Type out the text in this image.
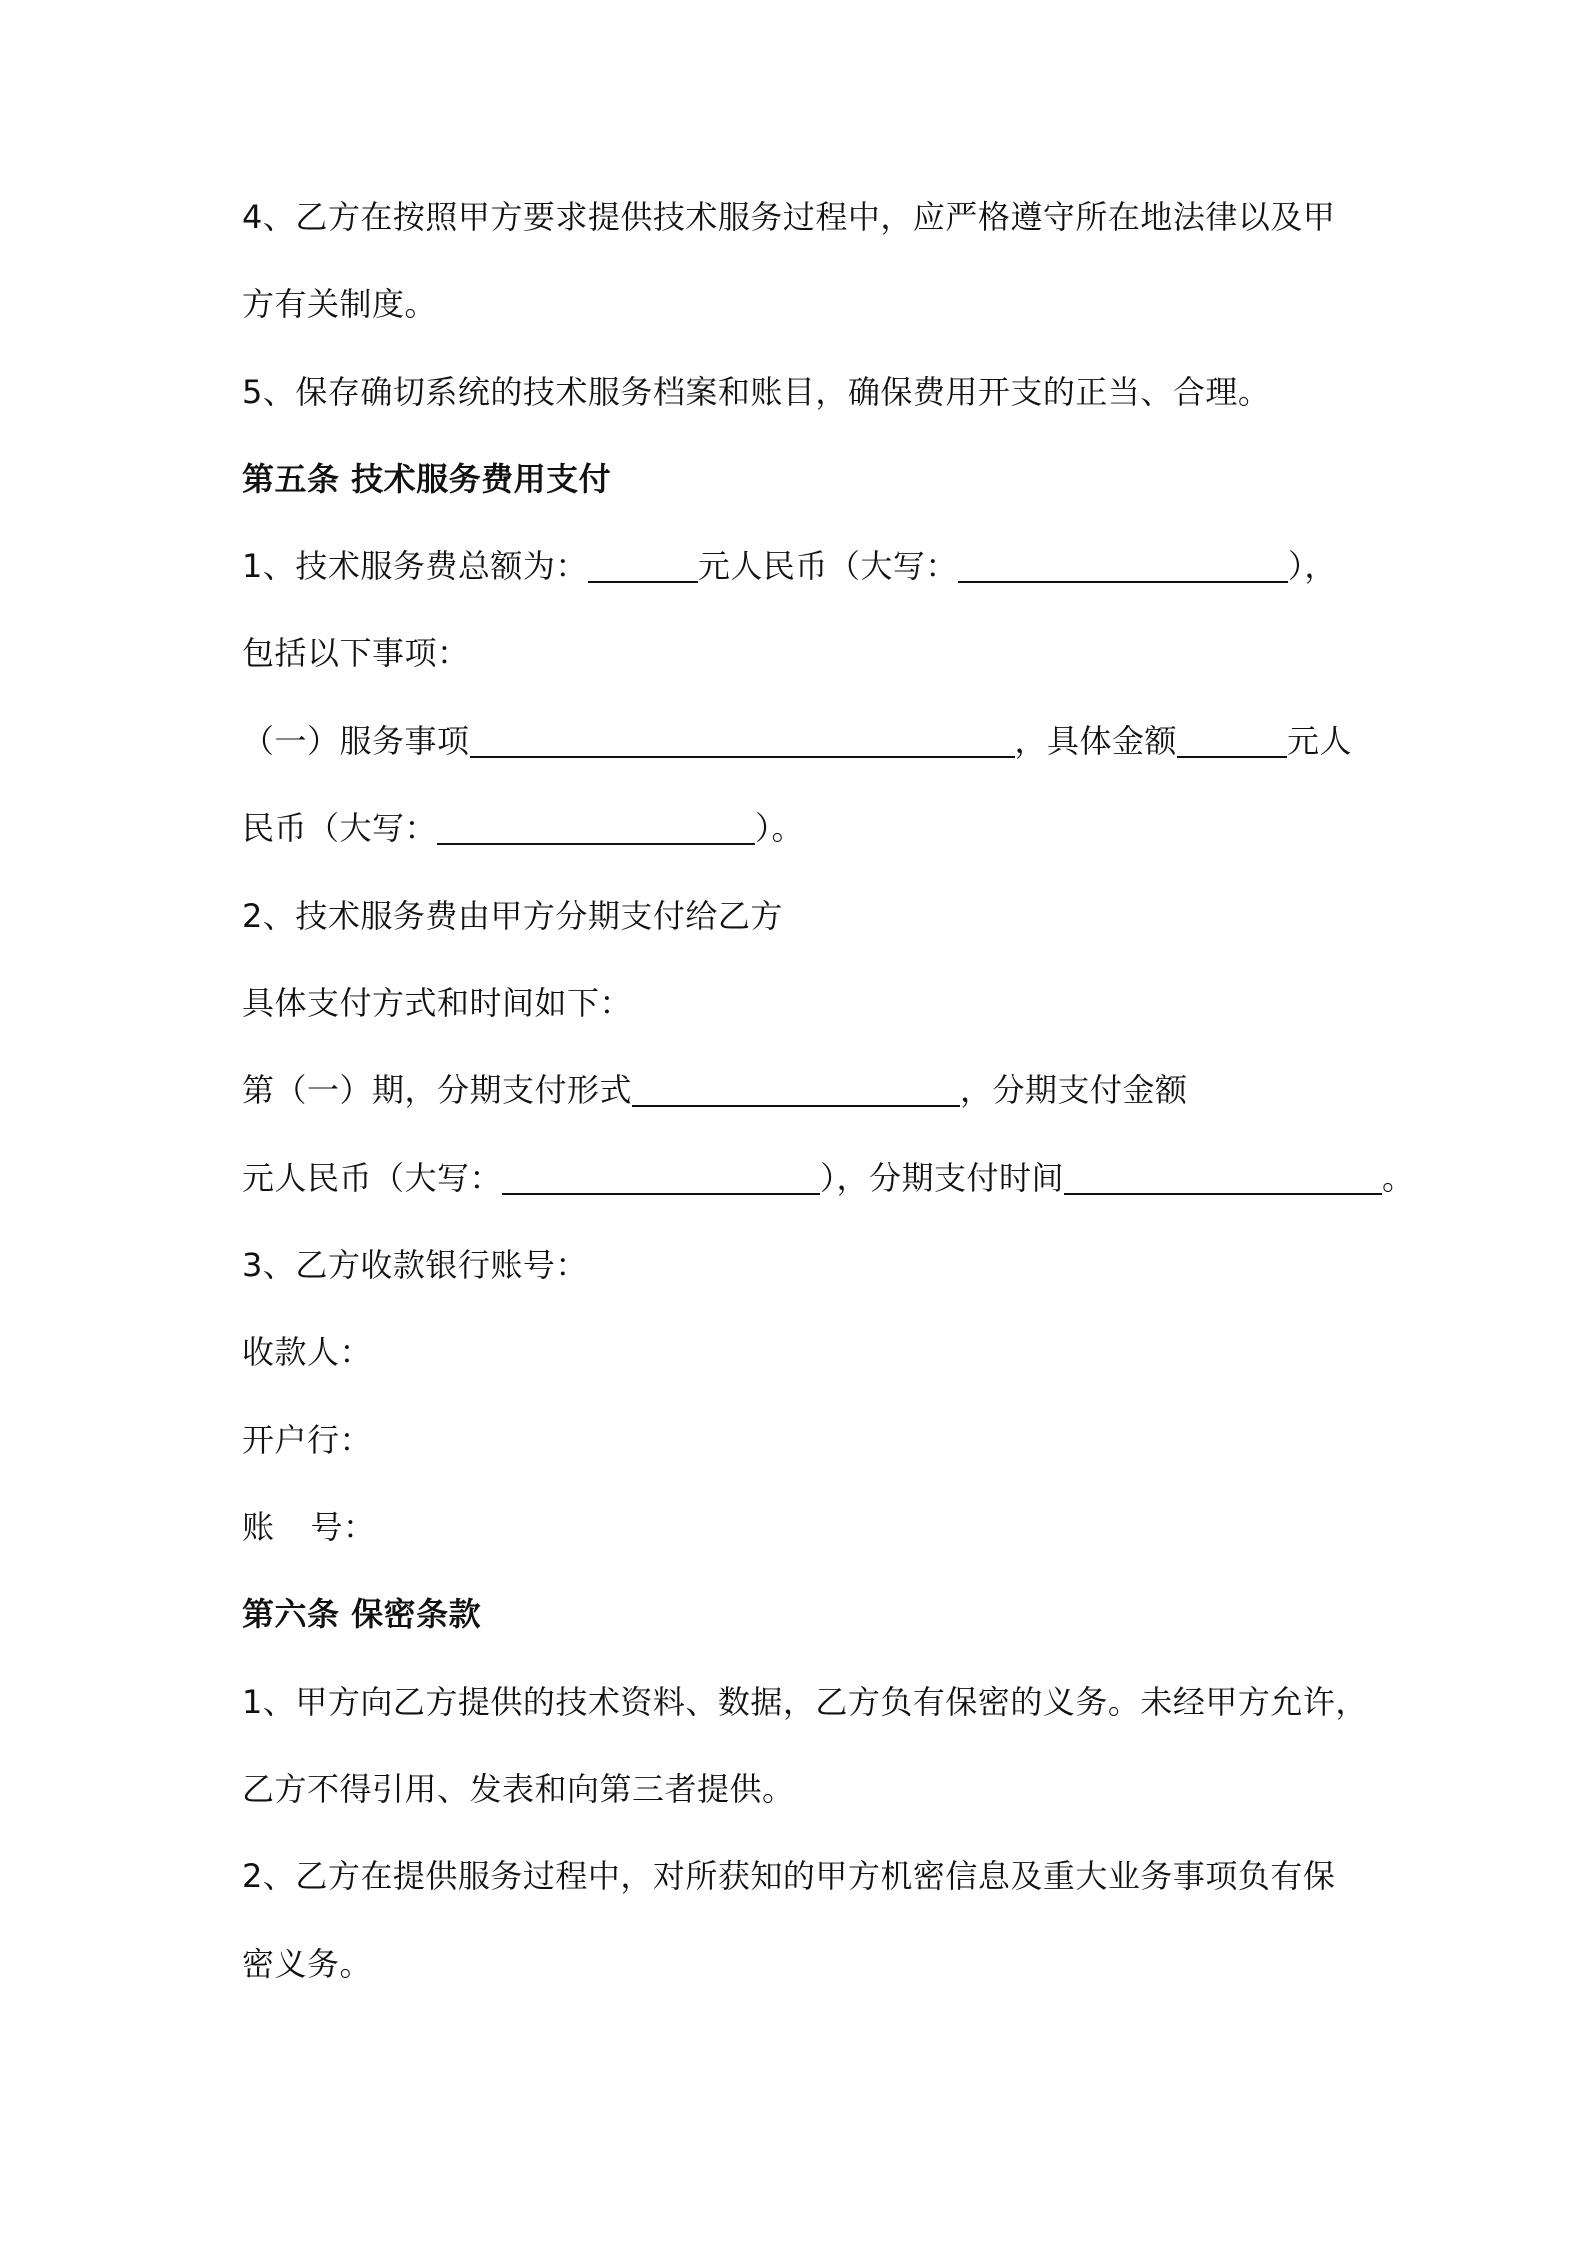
4、乙方在按照甲方要求提供技术服务过程中，应严格遵守所在地法律以及甲
方有关制度。
5、保存确切系统的技术服务档案和账目，确保费用开支的正当、合理。
第五条 技术服务费用支付
1、技术服务费总额为：	元人民币（大写：	），
包括以下事项：
（一）服务事项	，具体金额	元人
民币（大写：	）。
2、技术服务费由甲方分期支付给乙方
具体支付方式和时间如下：
第（一）期，分期支付形式	，分期支付金额
元人民币（大写：	），分期支付时间	。
3、乙方收款银行账号：
收款人：
开户行：
账 号：
第六条 保密条款
1、甲方向乙方提供的技术资料、数据，乙方负有保密的义务。未经甲方允许，
乙方不得引用、发表和向第三者提供。
2、乙方在提供服务过程中，对所获知的甲方机密信息及重大业务事项负有保
密义务。
